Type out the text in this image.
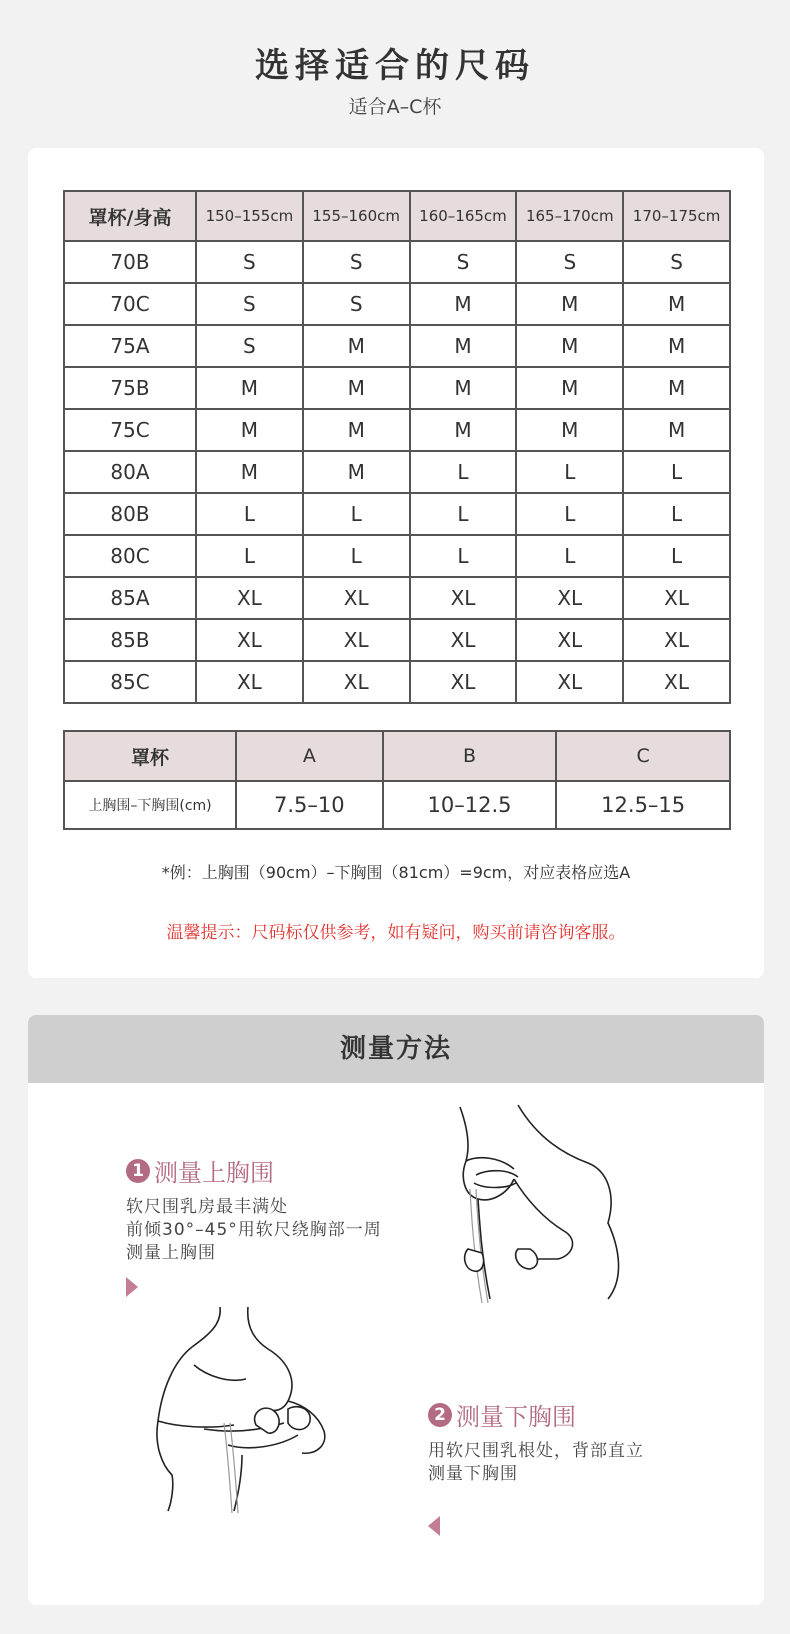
选择适合的尺码
适合A–C杯
罩杯/身高	150–155cm	155–160cm	160–165cm	165–170cm	170–175cm
70B	S	S	S	S	S
70C	S	S	M	M	M
75A	S	M	M	M	M
75B	M	M	M	M	M
75C	M	M	M	M	M
80A	M	M	L	L	L
80B	L	L	L	L	L
80C	L	L	L	L	L
85A	XL	XL	XL	XL	XL
85B	XL	XL	XL	XL	XL
85C	XL	XL	XL	XL	XL
罩杯	A	B	C
上胸围–下胸围(cm)	7.5–10	10–12.5	12.5–15
*例：上胸围（90cm）–下胸围（81cm）=9cm，对应表格应选A
温馨提示：尺码标仅供参考，如有疑问，购买前请咨询客服。
测量方法
1 测量上胸围
软尺围乳房最丰满处
前倾30°–45°用软尺绕胸部一周
测量上胸围
2 测量下胸围
用软尺围乳根处，背部直立
测量下胸围
